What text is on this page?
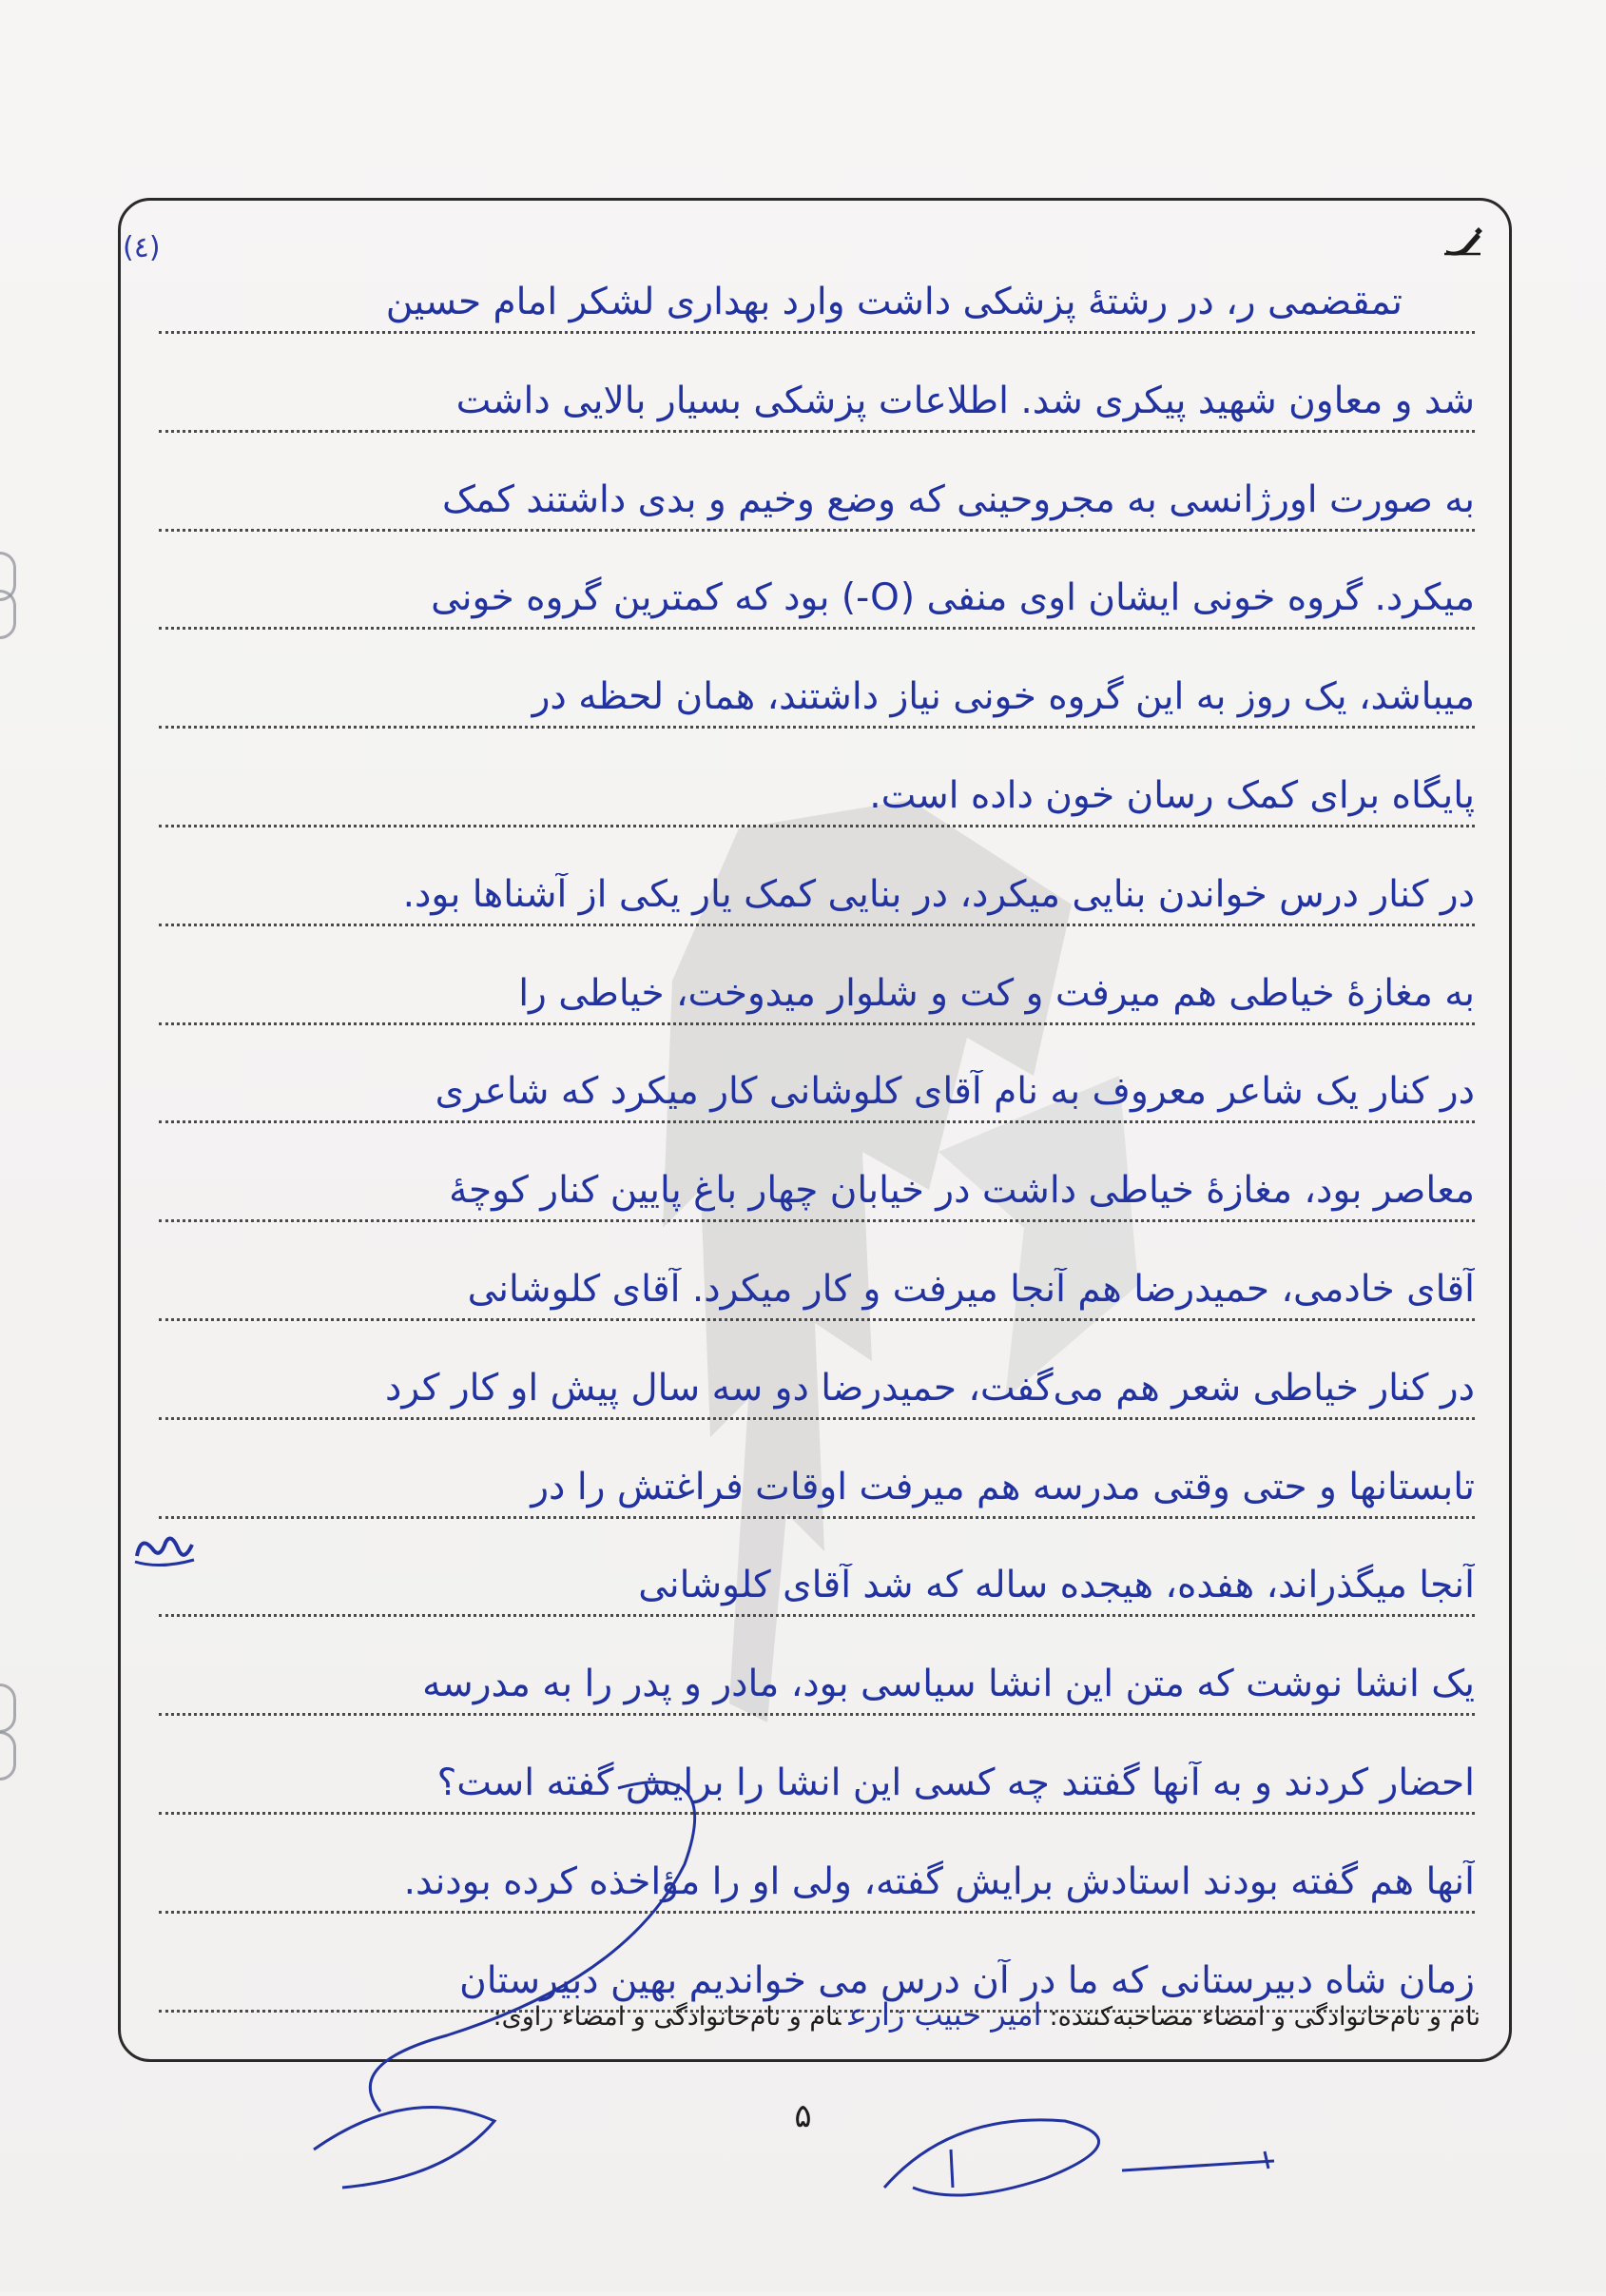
(٤)
تمقضمی ر، در رشتهٔ پزشکی داشت وارد بهداری لشکر امام حسین
شد و معاون شهید پیکری شد. اطلاعات پزشکی بسیار بالایی داشت
به صورت اورژانسی به مجروحینی که وضع وخیم و بدی داشتند کمک
میکرد. گروه خونی ایشان اوی منفی (O-) بود که کمترین گروه خونی
میباشد، یک روز به این گروه خونی نیاز داشتند، همان لحظه در
پایگاه برای کمک رسان خون داده است.
در کنار درس خواندن بنایی میکرد، در بنایی کمک یار یکی از آشناها بود.
به مغازهٔ خیاطی هم میرفت و کت و شلوار میدوخت، خیاطی را
در کنار یک شاعر معروف به نام آقای کلوشانی کار میکرد که شاعری
معاصر بود، مغازهٔ خیاطی داشت در خیابان چهار باغ پایین کنار کوچهٔ
آقای خادمی، حمیدرضا هم آنجا میرفت و کار میکرد. آقای کلوشانی
در کنار خیاطی شعر هم می‌گفت، حمیدرضا دو سه سال پیش او کار کرد
تابستانها و حتی وقتی مدرسه هم میرفت اوقات فراغتش را در
آنجا میگذراند، هفده، هیجده ساله که شد آقای کلوشانی
یک انشا نوشت که متن این انشا سیاسی بود، مادر و پدر را به مدرسه
احضار کردند و به آنها گفتند چه کسی این انشا را برایش گفته است؟
آنها هم گفته بودند استادش برایش گفته، ولی او را مؤاخذه کرده بودند.
زمان شاه دبیرستانی که ما در آن درس می خواندیم بهین دبیرستان
نام و نام‌خانوادگی و امضاء مصاحبه‌کننده:امیر حبیب زارعنام و نام‌خانوادگی و امضاء راوی:
۵
